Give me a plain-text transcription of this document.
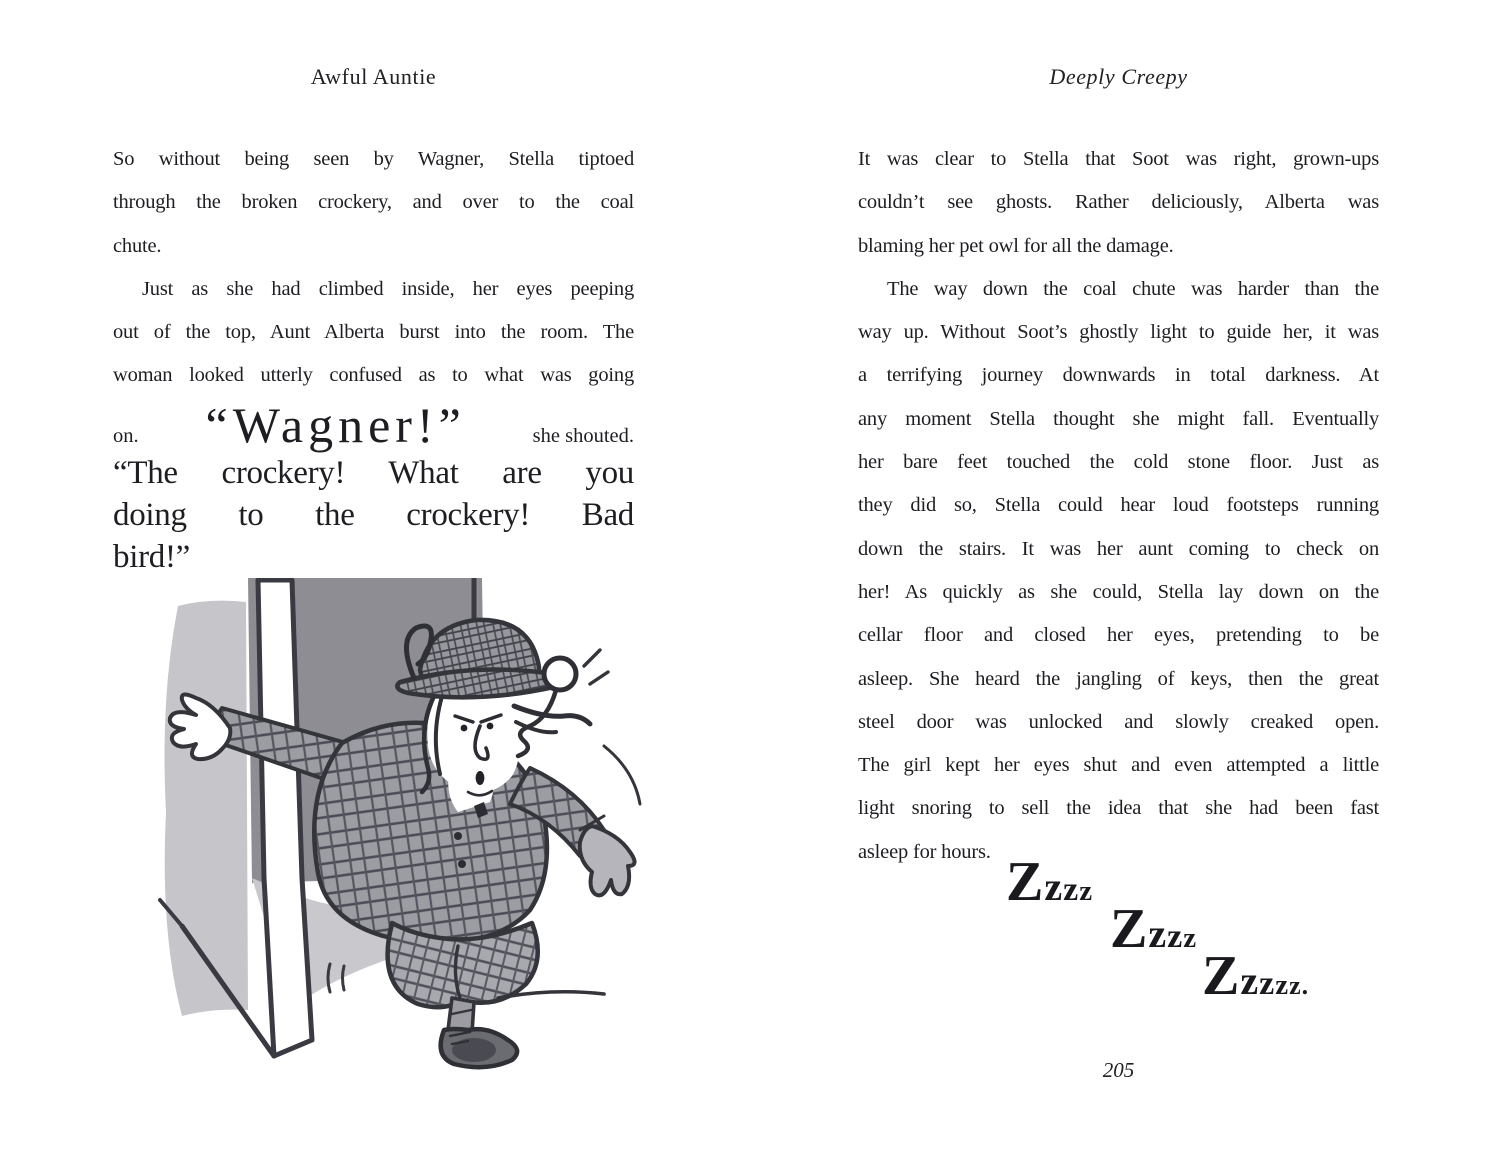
Awful Auntie
So without being seen by Wagner, Stella tiptoed
through the broken crockery, and over to the coal
chute.
Just as she had climbed inside, her eyes peeping
out of the top, Aunt Alberta burst into the room. The
woman looked utterly confused as to what was going
on. “Wagner!”	she shouted.
“The crockery! What are you
doing to the crockery! Bad
bird!”
Deeply Creepy
It was clear to Stella that Soot was right, grown-ups
couldn’t see ghosts. Rather deliciously, Alberta was
blaming her pet owl for all the damage.
The way down the coal chute was harder than the
way up. Without Soot’s ghostly light to guide her, it was
a terrifying journey downwards in total darkness. At
any moment Stella thought she might fall. Eventually
her bare feet touched the cold stone floor. Just as
they did so, Stella could hear loud footsteps running
down the stairs. It was her aunt coming to check on
her! As quickly as she could, Stella lay down on the
cellar floor and closed her eyes, pretending to be
asleep. She heard the jangling of keys, then the great
steel door was unlocked and slowly creaked open.
The girl kept her eyes shut and even attempted a little
light snoring to sell the idea that she had been fast
asleep for hours. Zzzz
Zzzz
Zzzzz.
205
